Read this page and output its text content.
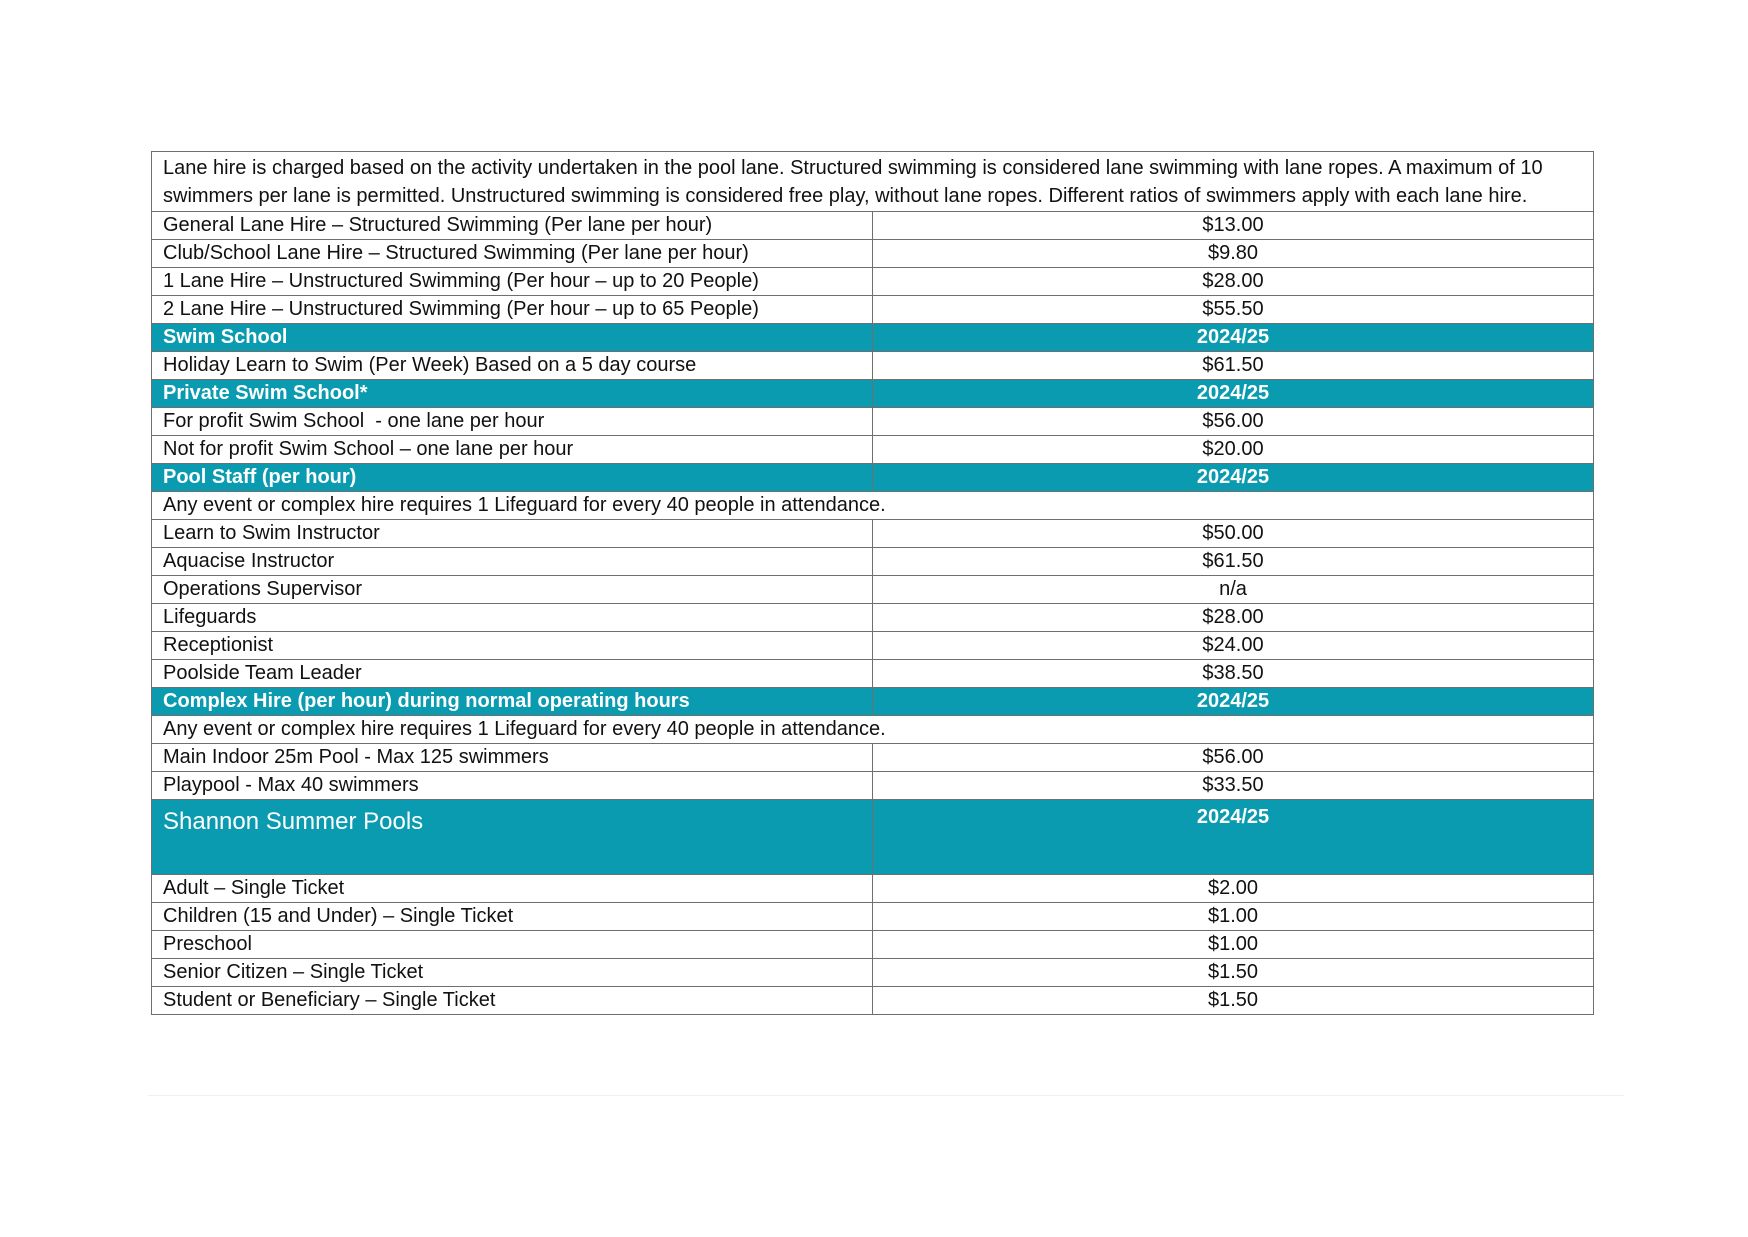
Lane hire is charged based on the activity undertaken in the pool lane. Structured swimming is considered lane swimming with lane ropes. A maximum of 10 swimmers per lane is permitted. Unstructured swimming is considered free play, without lane ropes. Different ratios of swimmers apply with each lane hire.	
General Lane Hire – Structured Swimming (Per lane per hour)	$13.00
Club/School Lane Hire – Structured Swimming (Per lane per hour)	$9.80
1 Lane Hire – Unstructured Swimming (Per hour – up to 20 People)	$28.00
2 Lane Hire – Unstructured Swimming (Per hour – up to 65 People)	$55.50
Swim School	2024/25
Holiday Learn to Swim (Per Week) Based on a 5 day course	$61.50
Private Swim School*	2024/25
For profit Swim School  - one lane per hour	$56.00
Not for profit Swim School – one lane per hour	$20.00
Pool Staff (per hour)	2024/25
Any event or complex hire requires 1 Lifeguard for every 40 people in attendance.	
Learn to Swim Instructor	$50.00
Aquacise Instructor	$61.50
Operations Supervisor	n/a
Lifeguards	$28.00
Receptionist	$24.00
Poolside Team Leader	$38.50
Complex Hire (per hour) during normal operating hours	2024/25
Any event or complex hire requires 1 Lifeguard for every 40 people in attendance.	
Main Indoor 25m Pool - Max 125 swimmers	$56.00
Playpool - Max 40 swimmers	$33.50
Shannon Summer Pools	2024/25
Adult – Single Ticket	$2.00
Children (15 and Under) – Single Ticket	$1.00
Preschool	$1.00
Senior Citizen – Single Ticket	$1.50
Student or Beneficiary – Single Ticket	$1.50
